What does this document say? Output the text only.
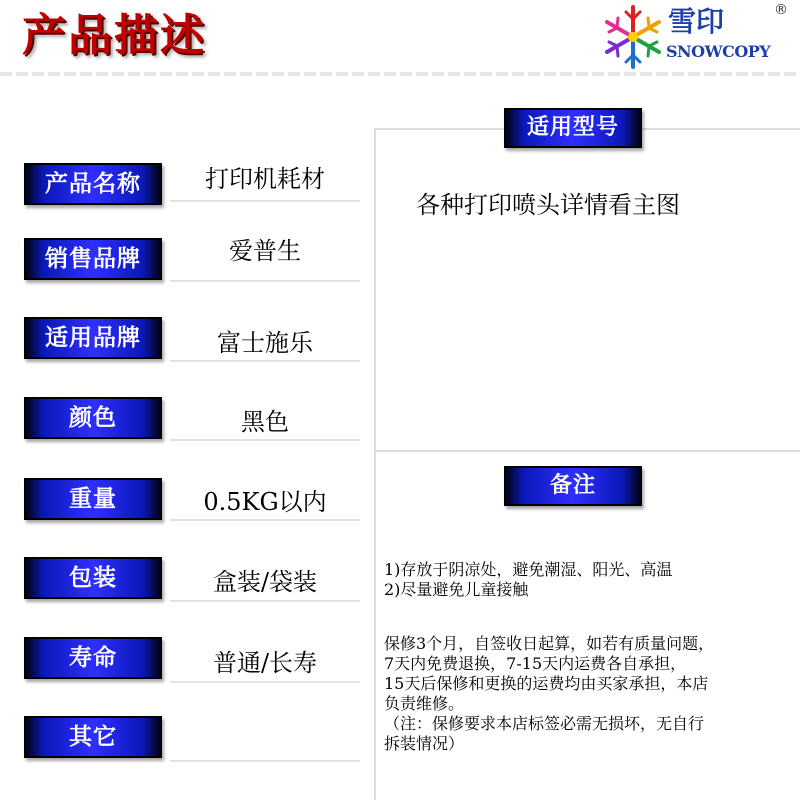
产品描述	雪印
SNOWCOPY
®
产品名称	打印机耗材
销售品牌	爱普生
适用品牌	富士施乐
颜色	黑色
重量	0.5KG以内
包装	盒装/袋装
寿命	普通/长寿
其它
适用型号
各种打印喷头详情看主图
备注
1)存放于阴凉处，避免潮湿、阳光、高温
2)尽量避免儿童接触
保修3个月，自签收日起算，如若有质量问题，
7天内免费退换，7-15天内运费各自承担，
15天后保修和更换的运费均由买家承担，本店
负责维修。
（注：保修要求本店标签必需无损坏，无自行
拆装情况）
